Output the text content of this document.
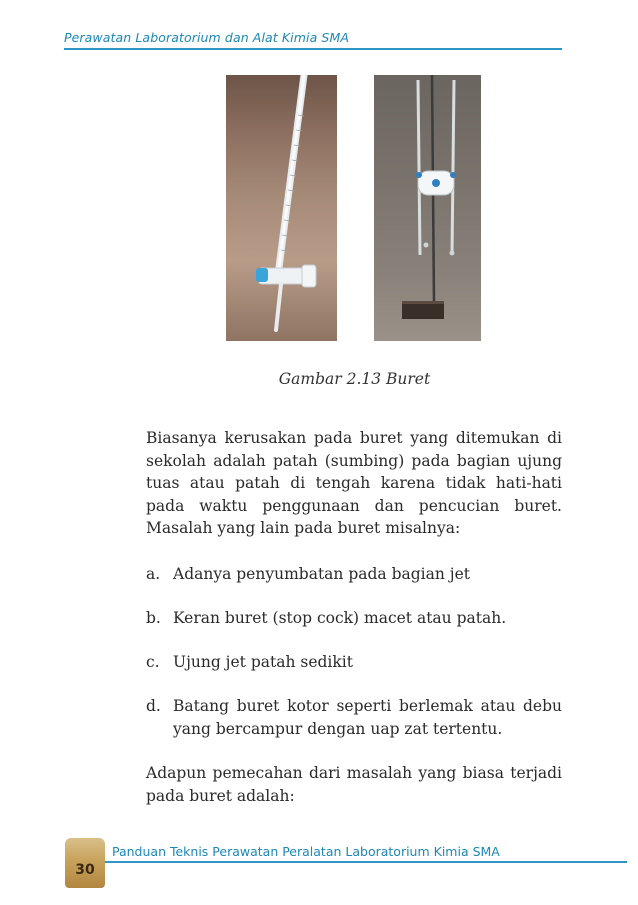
Perawatan Laboratorium dan Alat Kimia SMA
Gambar 2.13 Buret
Biasanya kerusakan pada buret yang ditemukan di sekolah adalah patah (sumbing) pada bagian ujung tuas atau patah di tengah karena tidak hati-hati pada waktu penggunaan dan pencucian buret. Masalah yang lain pada buret misalnya:
a. Adanya penyumbatan pada bagian jet
b. Keran buret (stop cock) macet atau patah.
c. Ujung jet patah sedikit
d. Batang buret kotor seperti berlemak atau debu yang bercampur dengan uap zat tertentu.
Adapun pemecahan dari masalah yang biasa terjadi pada buret adalah:
30
Panduan Teknis Perawatan Peralatan Laboratorium Kimia SMA
